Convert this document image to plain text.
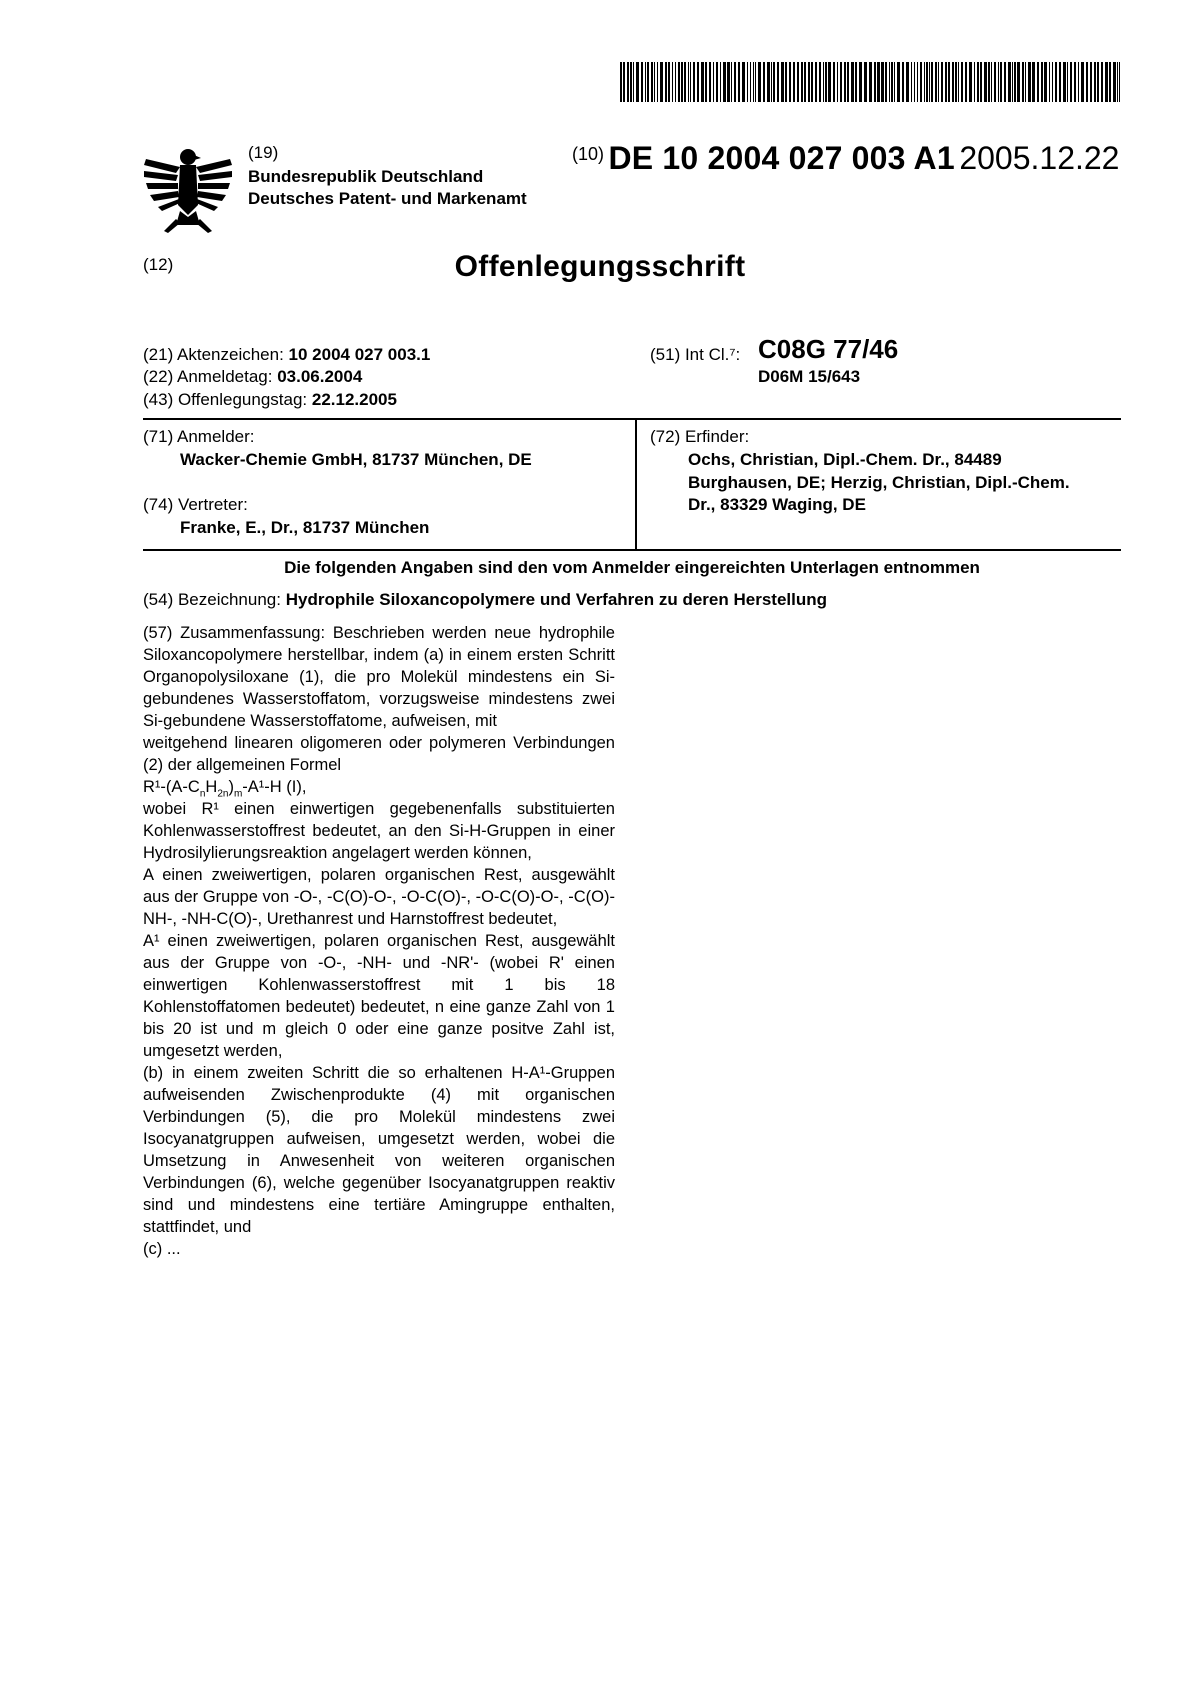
(19)
Bundesrepublik Deutschland
Deutsches Patent- und Markenamt
(10) DE 10 2004 027 003 A1 2005.12.22
(12)	Offenlegungsschrift
(21) Aktenzeichen: 10 2004 027 003.1
(22) Anmeldetag: 03.06.2004
(43) Offenlegungstag: 22.12.2005
(51) Int Cl.⁷: C08G 77/46
D06M 15/643
(71) Anmelder:
Wacker-Chemie GmbH, 81737 München, DE
(74) Vertreter:
Franke, E., Dr., 81737 München
(72) Erfinder:
Ochs, Christian, Dipl.-Chem. Dr., 84489
Burghausen, DE; Herzig, Christian, Dipl.-Chem.
Dr., 83329 Waging, DE
Die folgenden Angaben sind den vom Anmelder eingereichten Unterlagen entnommen
(54) Bezeichnung: Hydrophile Siloxancopolymere und Verfahren zu deren Herstellung

(57) Zusammenfassung: Beschrieben werden neue hydrophile Siloxancopolymere herstellbar, indem (a) in einem ersten Schritt Organopolysiloxane (1), die pro Molekül mindestens ein Si-gebundenes Wasserstoffatom, vorzugsweise mindestens zwei Si-gebundene Wasserstoffatome, aufweisen, mit

weitgehend linearen oligomeren oder polymeren Verbindungen (2) der allgemeinen Formel

$R^1-(A-C_nH_{2n})_m-A^1-H$ (I),

wobei R¹ einen einwertigen gegebenenfalls substituierten Kohlenwasserstoffrest bedeutet, an den Si-H-Gruppen in einer Hydrosilylierungsreaktion angelagert werden können,

A einen zweiwertigen, polaren organischen Rest, ausgewählt aus der Gruppe von -O-, -C(O)-O-, -O-C(O)-, -O-C(O)-O-, -C(O)-NH-, -NH-C(O)-, Urethanrest und Harnstoffrest bedeutet,

A¹ einen zweiwertigen, polaren organischen Rest, ausgewählt aus der Gruppe von -O-, -NH- und -NR'- (wobei R' einen einwertigen Kohlenwasserstoffrest mit 1 bis 18 Kohlenstoffatomen bedeutet) bedeutet, n eine ganze Zahl von 1 bis 20 ist und m gleich 0 oder eine ganze positve Zahl ist, umgesetzt werden,

(b) in einem zweiten Schritt die so erhaltenen H-A¹-Gruppen aufweisenden Zwischenprodukte (4) mit organischen Verbindungen (5), die pro Molekül mindestens zwei Isocyanatgruppen aufweisen, umgesetzt werden, wobei die Umsetzung in Anwesenheit von weiteren organischen Verbindungen (6), welche gegenüber Isocyanatgruppen reaktiv sind und mindestens eine tertiäre Amingruppe enthalten, stattfindet, und

(c) ...
